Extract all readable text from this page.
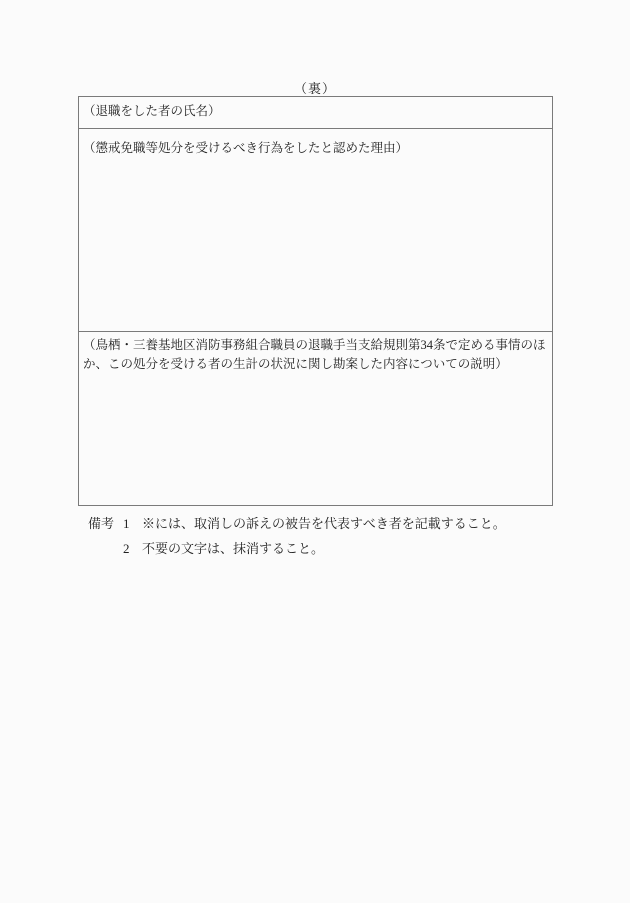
（裏）
（退職をした者の氏名）
（懲戒免職等処分を受けるべき行為をしたと認めた理由）
（鳥栖・三養基地区消防事務組合職員の退職手当支給規則第34条で定める事情のほか、この処分を受ける者の生計の状況に関し勘案した内容についての説明）
備考 1 ※には、取消しの訴えの被告を代表すべき者を記載すること。
2 不要の文字は、抹消すること。
